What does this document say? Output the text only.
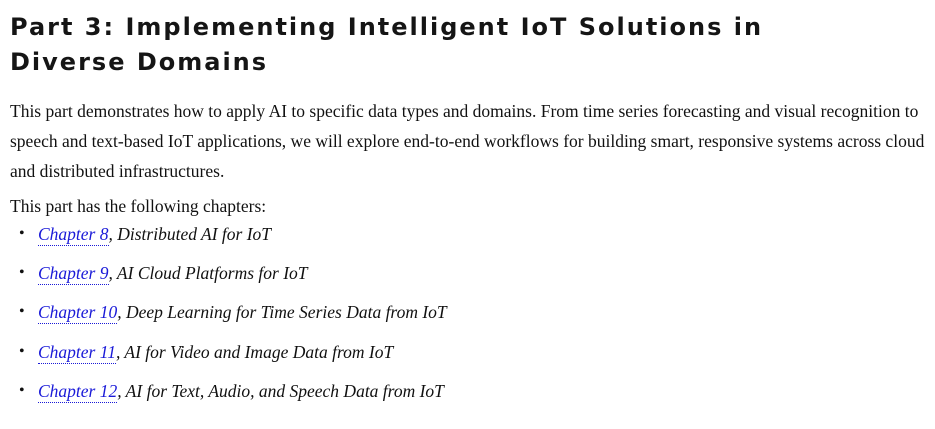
Part 3: Implementing Intelligent IoT Solutions in Diverse Domains

This part demonstrates how to apply AI to specific data types and domains. From time series forecasting and visual recognition to speech and text-based IoT applications, we will explore end-to-end workflows for building smart, responsive systems across cloud and distributed infrastructures.

This part has the following chapters:

• Chapter 8, Distributed AI for IoT
• Chapter 9, AI Cloud Platforms for IoT
• Chapter 10, Deep Learning for Time Series Data from IoT
• Chapter 11, AI for Video and Image Data from IoT
• Chapter 12, AI for Text, Audio, and Speech Data from IoT
